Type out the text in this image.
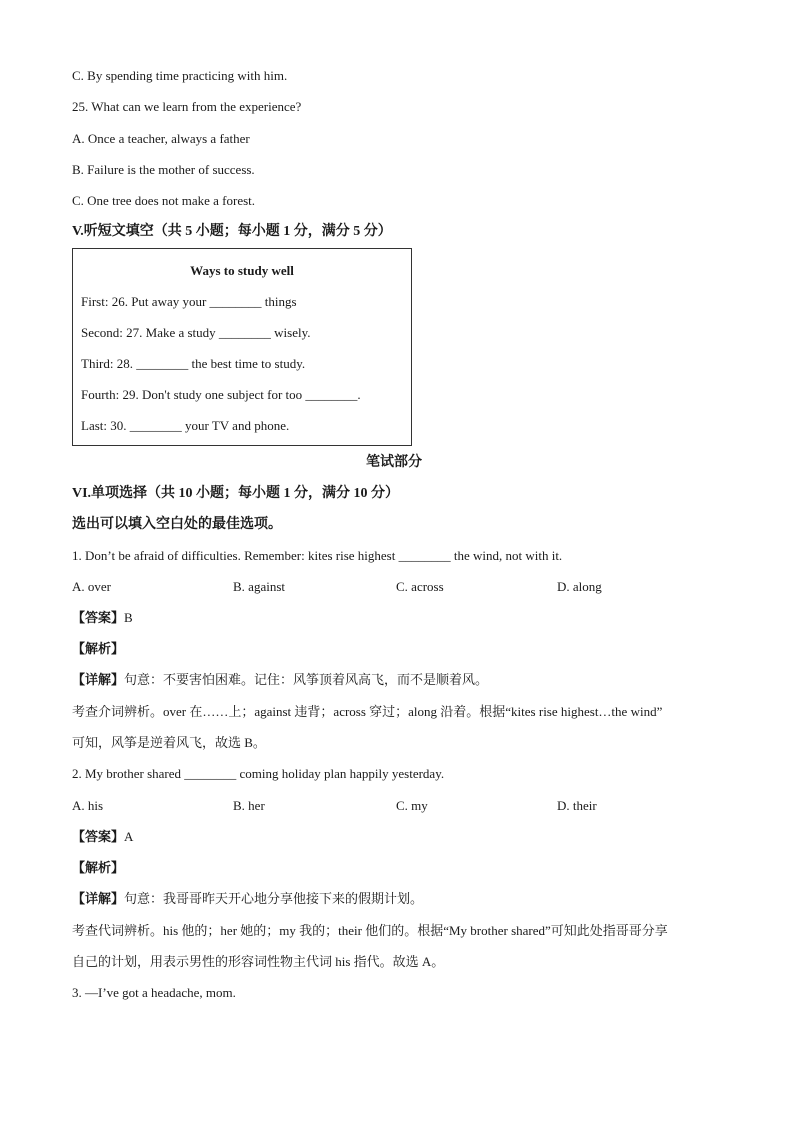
C. By spending time practicing with him.
25. What can we learn from the experience?
A. Once a teacher, always a father
B. Failure is the mother of success.
C. One tree does not make a forest.
V.听短文填空（共 5 小题；每小题 1 分，满分 5 分）
Ways to study well
First: 26. Put away your ________ things
Second: 27. Make a study ________ wisely.
Third: 28. ________ the best time to study.
Fourth: 29. Don't study one subject for too ________.
Last: 30. ________ your TV and phone.
笔试部分
VI.单项选择（共 10 小题；每小题 1 分，满分 10 分）
选出可以填入空白处的最佳选项。
1. Don’t be afraid of difficulties. Remember: kites rise highest ________ the wind, not with it.
A. over	B. against	C. across	D. along
【答案】B
【解析】
【详解】句意：不要害怕困难。记住：风筝顶着风高飞，而不是顺着风。
考查介词辨析。over 在……上；against 违背；across 穿过；along 沿着。根据“kites rise highest…the wind”
可知，风筝是逆着风飞，故选 B。
2. My brother shared ________ coming holiday plan happily yesterday.
A. his	B. her	C. my	D. their
【答案】A
【解析】
【详解】句意：我哥哥昨天开心地分享他接下来的假期计划。
考查代词辨析。his 他的；her 她的；my 我的；their 他们的。根据“My brother shared”可知此处指哥哥分享
自己的计划，用表示男性的形容词性物主代词 his 指代。故选 A。
3. —I’ve got a headache, mom.
